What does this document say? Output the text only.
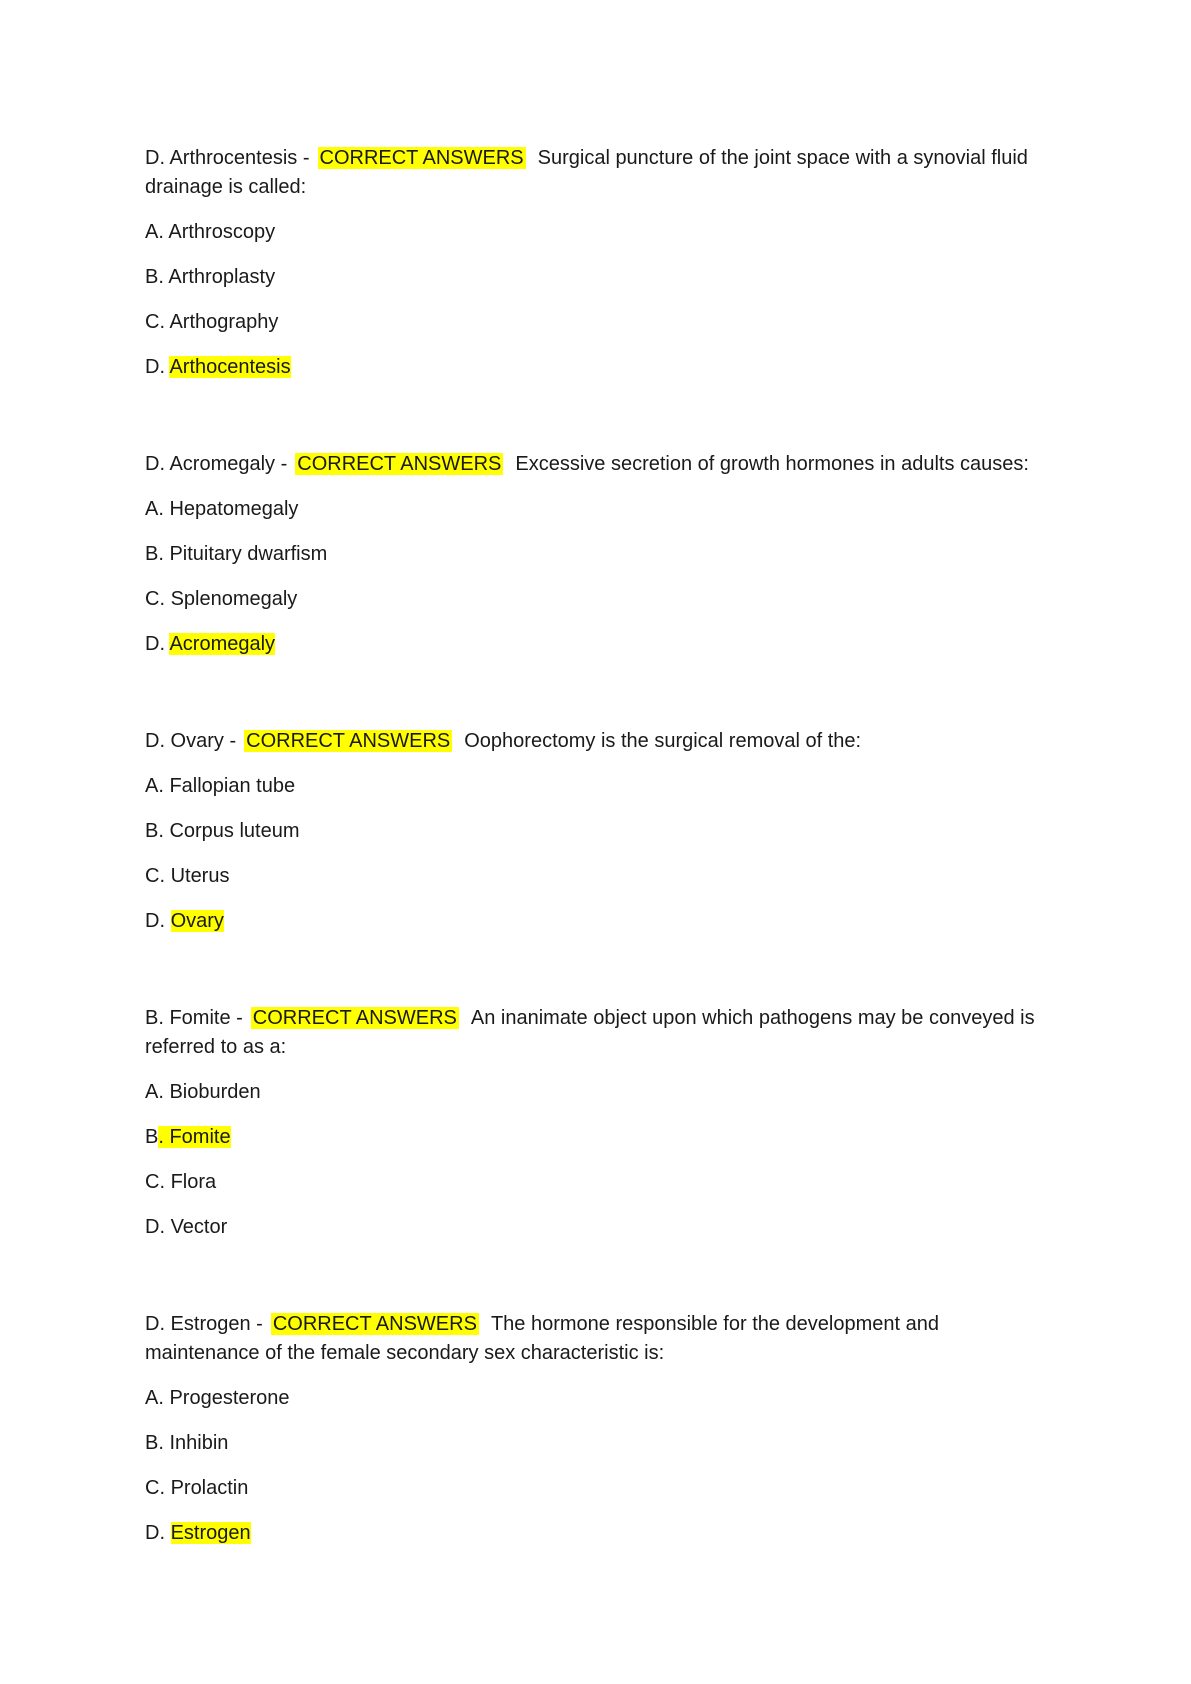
D. Arthrocentesis - CORRECT ANSWERS Surgical puncture of the joint space with a synovial fluid drainage is called:

A. Arthroscopy

B. Arthroplasty

C. Arthography

D. Arthocentesis

D. Acromegaly - CORRECT ANSWERS Excessive secretion of growth hormones in adults causes:

A. Hepatomegaly

B. Pituitary dwarfism

C. Splenomegaly

D. Acromegaly

D. Ovary - CORRECT ANSWERS Oophorectomy is the surgical removal of the:

A. Fallopian tube

B. Corpus luteum

C. Uterus

D. Ovary

B. Fomite - CORRECT ANSWERS An inanimate object upon which pathogens may be conveyed is referred to as a:

A. Bioburden

B. Fomite

C. Flora

D. Vector

D. Estrogen - CORRECT ANSWERS The hormone responsible for the development and maintenance of the female secondary sex characteristic is:

A. Progesterone

B. Inhibin

C. Prolactin

D. Estrogen
